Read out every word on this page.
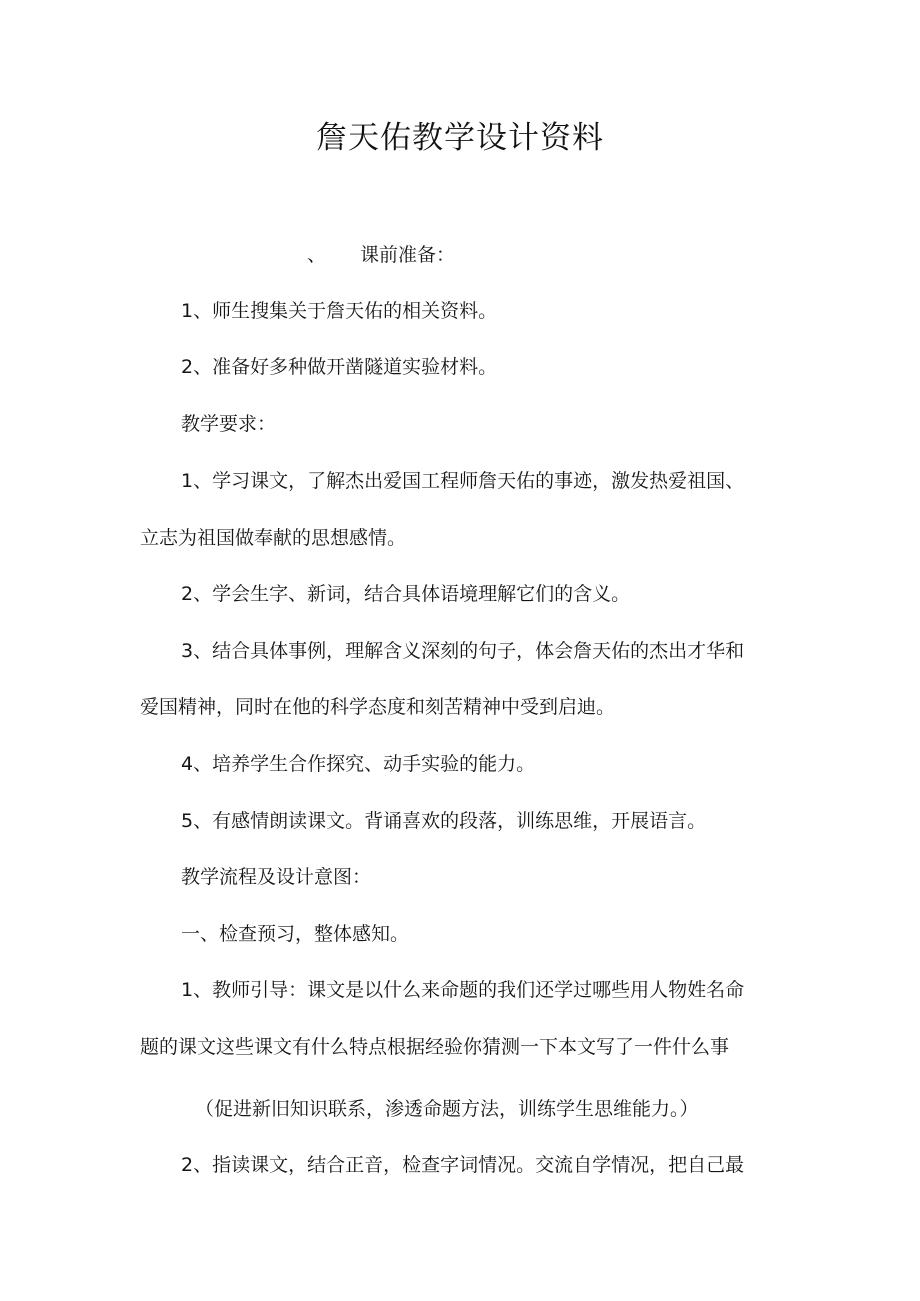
詹天佑教学设计资料
、 课前准备：
1、师生搜集关于詹天佑的相关资料。
2、准备好多种做开凿隧道实验材料。
教学要求：
1、学习课文，了解杰出爱国工程师詹天佑的事迹，激发热爱祖国、
立志为祖国做奉献的思想感情。
2、学会生字、新词，结合具体语境理解它们的含义。
3、结合具体事例，理解含义深刻的句子，体会詹天佑的杰出才华和
爱国精神，同时在他的科学态度和刻苦精神中受到启迪。
4、培养学生合作探究、动手实验的能力。
5、有感情朗读课文。背诵喜欢的段落，训练思维，开展语言。
教学流程及设计意图：
一、检查预习，整体感知。
1、教师引导：课文是以什么来命题的我们还学过哪些用人物姓名命
题的课文这些课文有什么特点根据经验你猜测一下本文写了一件什么事
（促进新旧知识联系，渗透命题方法，训练学生思维能力。）
2、指读课文，结合正音，检查字词情况。交流自学情况，把自己最
